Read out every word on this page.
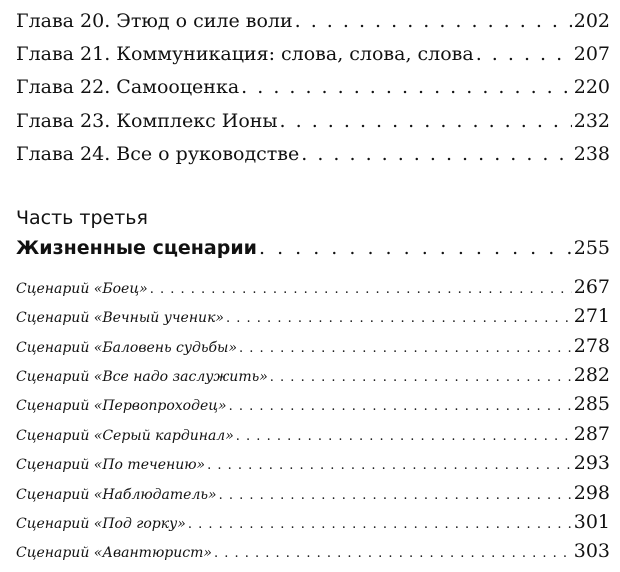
Глава 20. Этюд о силе воли . . .	202
Глава 21. Коммуникация: слова, слова, слова . . .	207
Глава 22. Самооценка . . .	220
Глава 23. Комплекс Ионы . . .	232
Глава 24. Все о руководстве . . .	238
Часть третья
Жизненные сценарии . . .	255
Сценарий «Боец» . . .	267
Сценарий «Вечный ученик» . . .	271
Сценарий «Баловень судьбы» . . .	278
Сценарий «Все надо заслужить» . . .	282
Сценарий «Первопроходец» . . .	285
Сценарий «Серый кардинал» . . .	287
Сценарий «По течению» . . .	293
Сценарий «Наблюдатель» . . .	298
Сценарий «Под горку» . . .	301
Сценарий «Авантюрист» . . .	303
